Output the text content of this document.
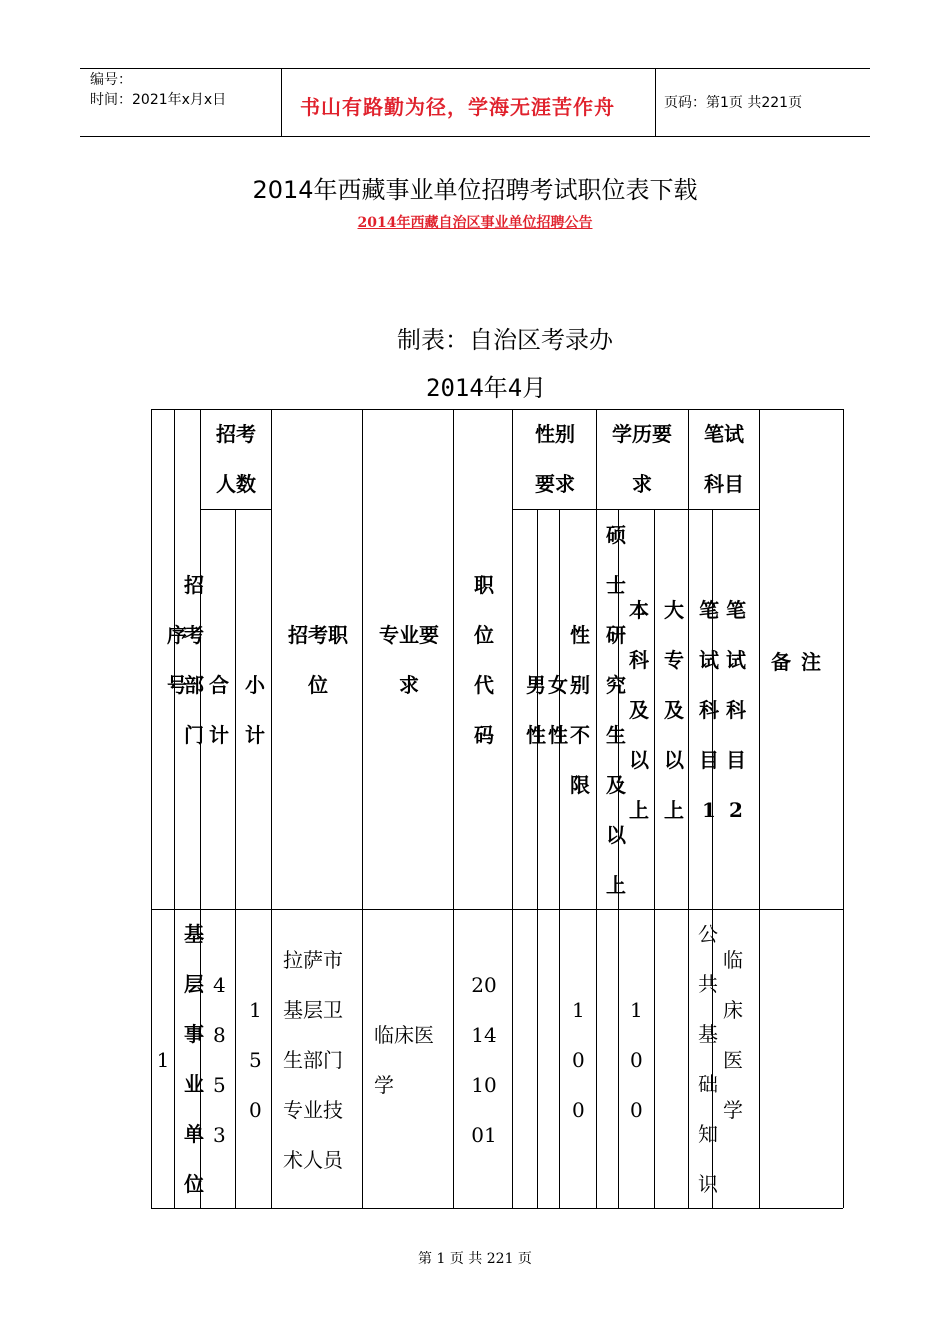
编号：
时间：2021年x月x日	书山有路勤为径，学海无涯苦作舟	页码：第1页 共221页
2014年西藏事业单位招聘考试职位表下载
2014年西藏自治区事业单位招聘公告
制表：自治区考录办
2014年4月
招考人数
性别要求
学历要求
笔试科目
序号
招考部门
合计
小计
招考职位
专业要求
职位代码
男性
女性
性别不限
硕士研究生及以上
本科及以上
大专及以上
笔试科目1
笔试科目2
备注
1
基层事业单位
4853
150
拉萨市基层卫生部门专业技术人员
临床医学
20141001
100
100
公共基础知识
临床医学
第 1 页 共 221 页
